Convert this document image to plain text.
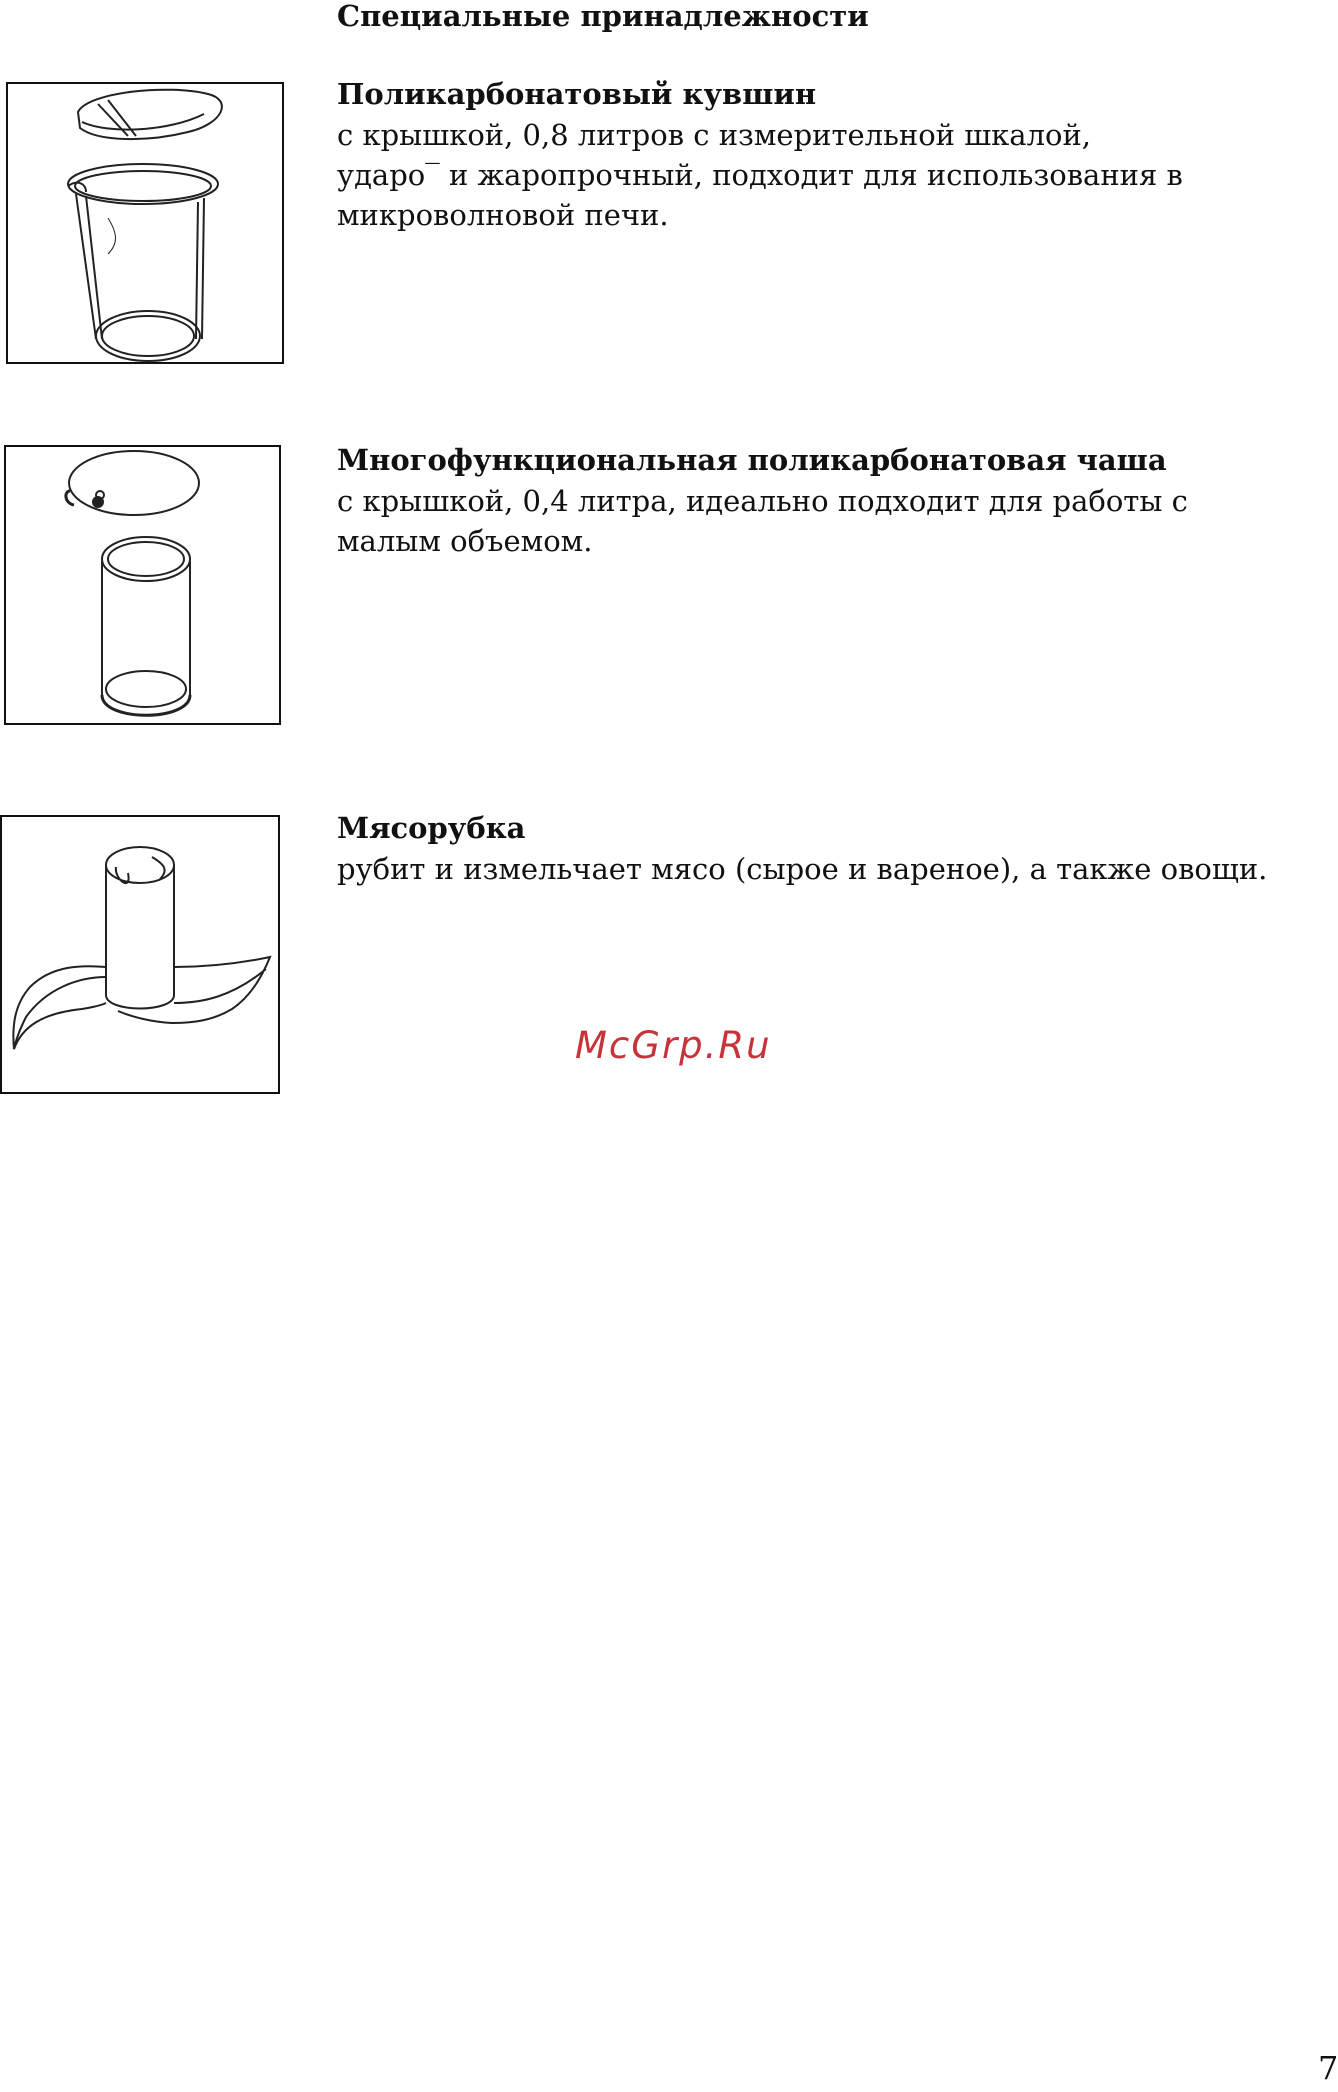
Специальные принадлежности
Поликарбонатовый кувшин
с крышкой, 0,8 литров с измерительной шкалой,
ударо‾ и жаропрочный, подходит для использования в
микроволновой печи.
Многофункциональная поликарбонатовая чаша
с крышкой, 0,4 литра, идеально подходит для работы с
малым объемом.
Мясорубка
рубит и измельчает мясо (сырое и вареное), а также овощи.
McGrp.Ru
7
